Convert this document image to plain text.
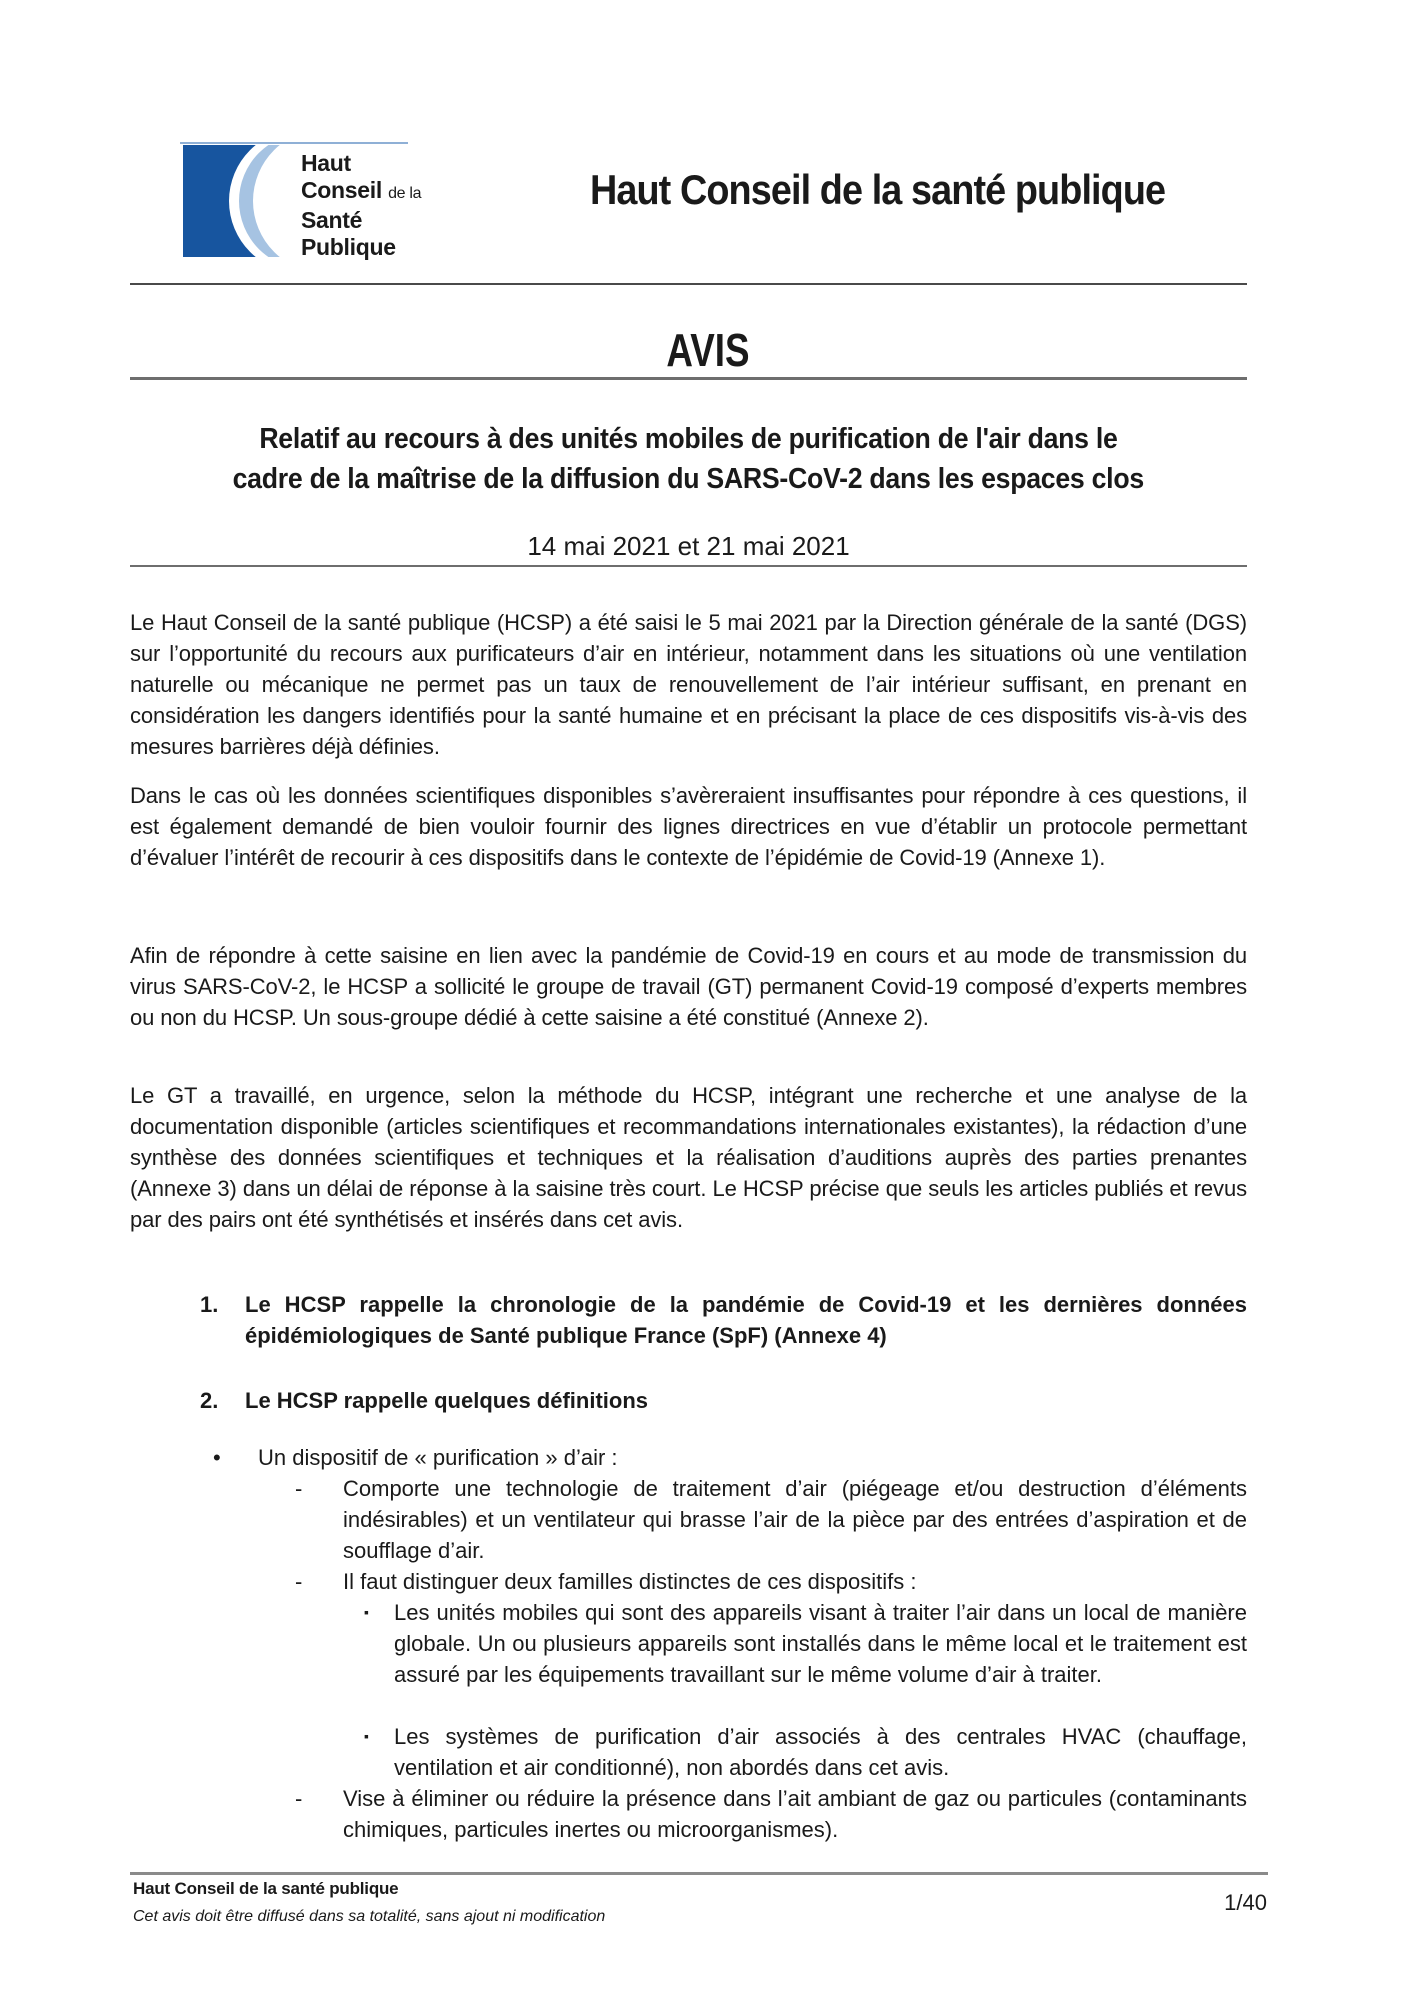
Haut
Conseil de la
Santé
Publique
Haut Conseil de la santé publique
AVIS
Relatif au recours à des unités mobiles de purification de l'air dans le
cadre de la maîtrise de la diffusion du SARS-CoV-2 dans les espaces clos
14 mai 2021 et 21 mai 2021
Le Haut Conseil de la santé publique (HCSP) a été saisi le 5 mai 2021 par la Direction générale de la santé (DGS) sur l’opportunité du recours aux purificateurs d’air en intérieur, notamment dans les situations où une ventilation naturelle ou mécanique ne permet pas un taux de renouvellement de l’air intérieur suffisant, en prenant en considération les dangers identifiés pour la santé humaine et en précisant la place de ces dispositifs vis-à-vis des mesures barrières déjà définies.
Dans le cas où les données scientifiques disponibles s’avèreraient insuffisantes pour répondre à ces questions, il est également demandé de bien vouloir fournir des lignes directrices en vue d’établir un protocole permettant d’évaluer l’intérêt de recourir à ces dispositifs dans le contexte de l’épidémie de Covid-19 (Annexe 1).
Afin de répondre à cette saisine en lien avec la pandémie de Covid-19 en cours et au mode de transmission du virus SARS-CoV-2, le HCSP a sollicité le groupe de travail (GT) permanent Covid-19 composé d’experts membres ou non du HCSP. Un sous-groupe dédié à cette saisine a été constitué (Annexe 2).
Le GT a travaillé, en urgence, selon la méthode du HCSP, intégrant une recherche et une analyse de la documentation disponible (articles scientifiques et recommandations internationales existantes), la rédaction d’une synthèse des données scientifiques et techniques et la réalisation d’auditions auprès des parties prenantes (Annexe 3) dans un délai de réponse à la saisine très court. Le HCSP précise que seuls les articles publiés et revus par des pairs ont été synthétisés et insérés dans cet avis.
1. Le HCSP rappelle la chronologie de la pandémie de Covid-19 et les dernières données épidémiologiques de Santé publique France (SpF) (Annexe 4)
2. Le HCSP rappelle quelques définitions
• Un dispositif de « purification » d’air :
- Comporte une technologie de traitement d’air (piégeage et/ou destruction d’éléments indésirables) et un ventilateur qui brasse l’air de la pièce par des entrées d’aspiration et de soufflage d’air.
- Il faut distinguer deux familles distinctes de ces dispositifs :
▪ Les unités mobiles qui sont des appareils visant à traiter l’air dans un local de manière globale. Un ou plusieurs appareils sont installés dans le même local et le traitement est assuré par les équipements travaillant sur le même volume d’air à traiter.
▪ Les systèmes de purification d’air associés à des centrales HVAC (chauffage, ventilation et air conditionné), non abordés dans cet avis.
- Vise à éliminer ou réduire la présence dans l’ait ambiant de gaz ou particules (contaminants chimiques, particules inertes ou microorganismes).
Haut Conseil de la santé publique
Cet avis doit être diffusé dans sa totalité, sans ajout ni modification
1/40
